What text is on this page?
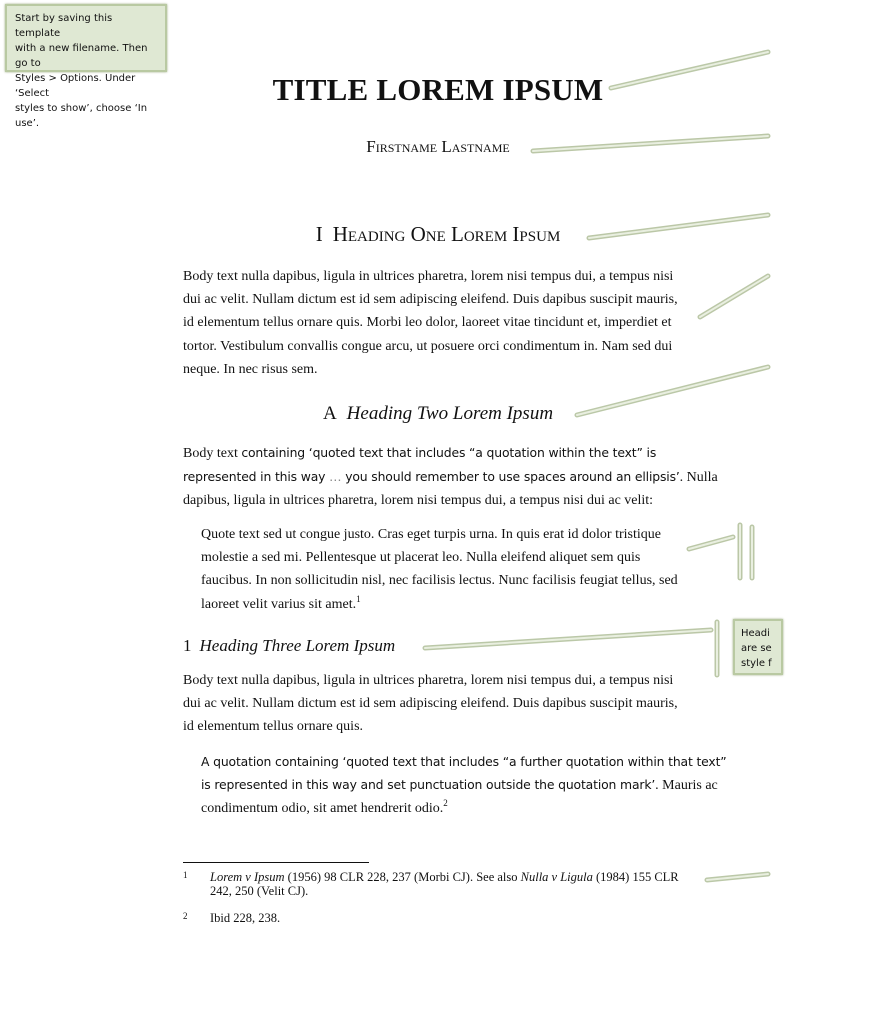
Start by saving this template
with a new filename. Then go to
Styles > Options. Under ‘Select
styles to show’, choose ‘In use’.
Headi
are se
style f
TITLE LOREM IPSUM
Firstname Lastname
I Heading One Lorem Ipsum
Body text nulla dapibus, ligula in ultrices pharetra, lorem nisi tempus dui, a tempus nisi
dui ac velit. Nullam dictum est id sem adipiscing eleifend. Duis dapibus suscipit mauris,
id elementum tellus ornare quis. Morbi leo dolor, laoreet vitae tincidunt et, imperdiet et
tortor. Vestibulum convallis congue arcu, ut posuere orci condimentum in. Nam sed dui
neque. In nec risus sem.
A Heading Two Lorem Ipsum
Body text containing ‘quoted text that includes “a quotation within the text” is
represented in this way … you should remember to use spaces around an ellipsis’. Nulla
dapibus, ligula in ultrices pharetra, lorem nisi tempus dui, a tempus nisi dui ac velit:
Quote text sed ut congue justo. Cras eget turpis urna. In quis erat id dolor tristique
molestie a sed mi. Pellentesque ut placerat leo. Nulla eleifend aliquet sem quis
faucibus. In non sollicitudin nisl, nec facilisis lectus. Nunc facilisis feugiat tellus, sed
laoreet velit varius sit amet.$^1$
1 Heading Three Lorem Ipsum
Body text nulla dapibus, ligula in ultrices pharetra, lorem nisi tempus dui, a tempus nisi
dui ac velit. Nullam dictum est id sem adipiscing eleifend. Duis dapibus suscipit mauris,
id elementum tellus ornare quis.
A quotation containing ‘quoted text that includes “a further quotation within that text”
is represented in this way and set punctuation outside the quotation mark’. Mauris ac
condimentum odio, sit amet hendrerit odio.$^2$
1 Lorem v Ipsum (1956) 98 CLR 228, 237 (Morbi CJ). See also Nulla v Ligula (1984) 155 CLR
242, 250 (Velit CJ).
2 Ibid 228, 238.
